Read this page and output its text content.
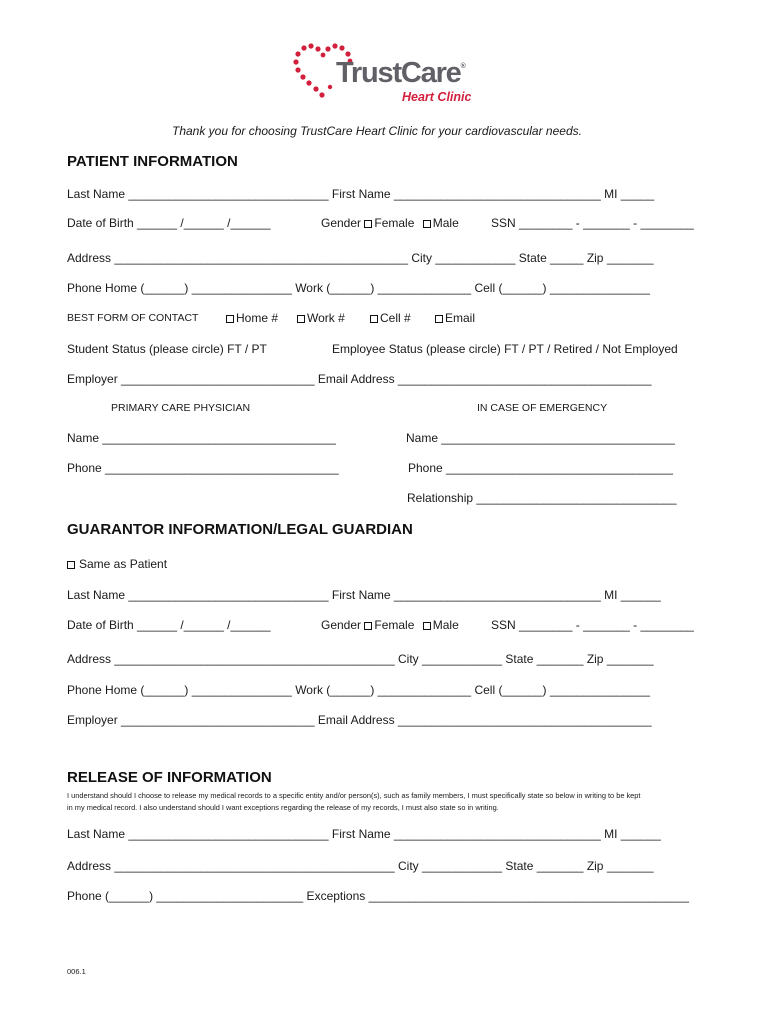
TrustCare®
Heart Clinic
Thank you for choosing TrustCare Heart Clinic for your cardiovascular needs.
PATIENT INFORMATION
Last Name ______________________________ First Name _______________________________ MI _____
Date of Birth ______ /______ /______	Gender Female Male	SSN ________ - _______ - ________
Address ____________________________________________ City ____________ State _____ Zip _______
Phone Home (______) _______________ Work (______) ______________ Cell (______) _______________
BEST FORM OF CONTACT	Home #	Work #	Cell #	Email
Student Status (please circle) FT / PT	Employee Status (please circle) FT / PT / Retired / Not Employed
Employer _____________________________ Email Address ______________________________________
PRIMARY CARE PHYSICIAN	IN CASE OF EMERGENCY
Name ___________________________________	Name ___________________________________
Phone ___________________________________	Phone __________________________________
Relationship ______________________________
GUARANTOR INFORMATION/LEGAL GUARDIAN
Same as Patient
Last Name ______________________________ First Name _______________________________ MI ______
Date of Birth ______ /______ /______	Gender Female Male	SSN ________ - _______ - ________
Address __________________________________________ City ____________ State _______ Zip _______
Phone Home (______) _______________ Work (______) ______________ Cell (______) _______________
Employer _____________________________ Email Address ______________________________________
RELEASE OF INFORMATION
I understand should I choose to release my medical records to a specific entity and/or person(s), such as family members, I must specifically state so below in writing to be kept
in my medical record. I also understand should I want exceptions regarding the release of my records, I must also state so in writing.
Last Name ______________________________ First Name _______________________________ MI ______
Address __________________________________________ City ____________ State _______ Zip _______
Phone (______) ______________________ Exceptions ________________________________________________
006.1
